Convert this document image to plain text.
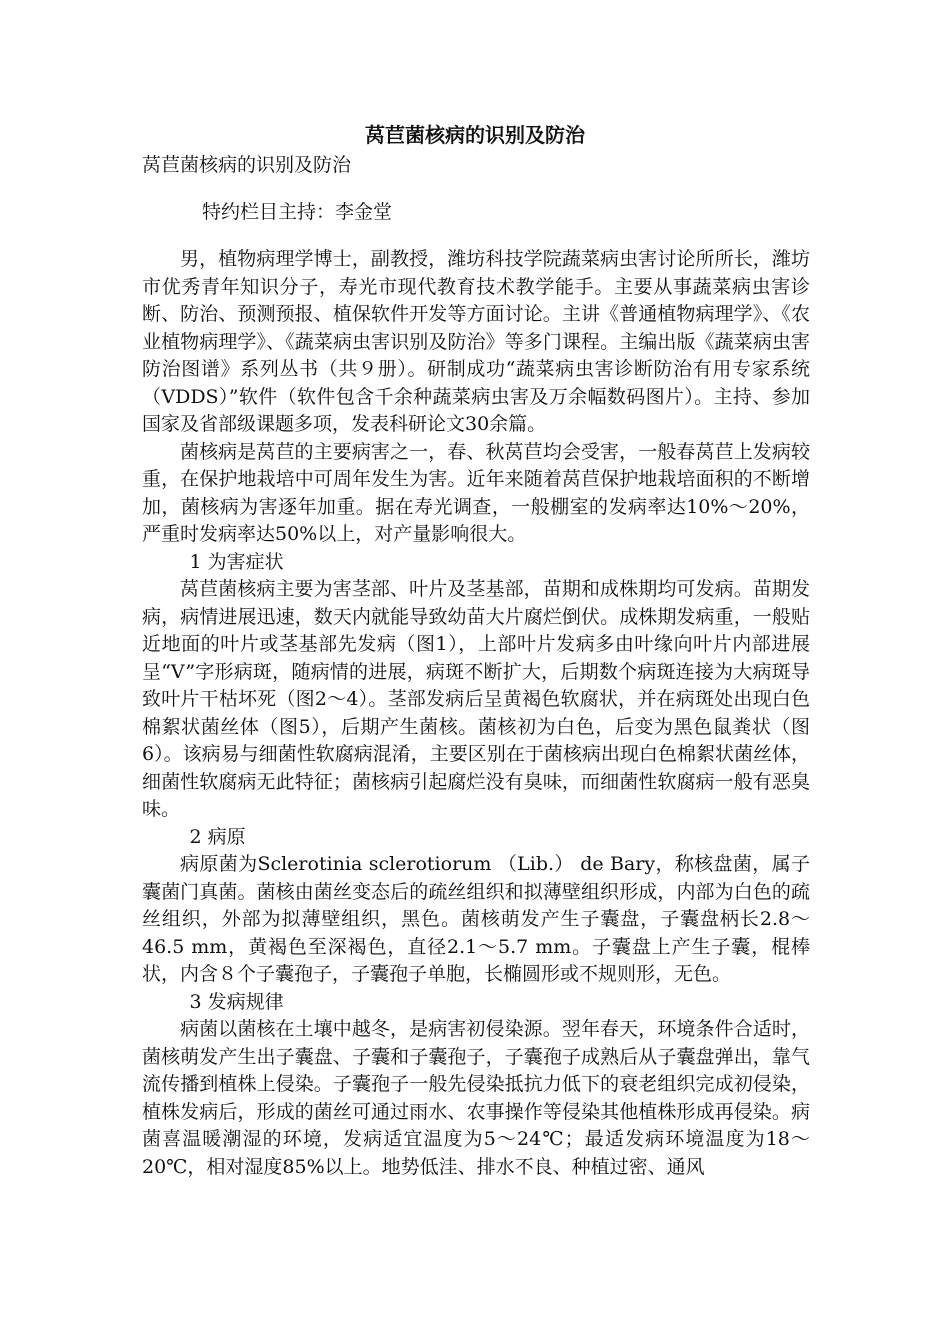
莴苣菌核病的识别及防治
莴苣菌核病的识别及防治
特约栏目主持：李金堂

男，植物病理学博士，副教授，潍坊科技学院蔬菜病虫害讨论所所长，潍坊市优秀青年知识分子，寿光市现代教育技术教学能手。主要从事蔬菜病虫害诊断、防治、预测预报、植保软件开发等方面讨论。主讲《普通植物病理学》、《农业植物病理学》、《蔬菜病虫害识别及防治》等多门课程。主编出版《蔬菜病虫害防治图谱》系列丛书（共９册）。研制成功“蔬菜病虫害诊断防治有用专家系统（VDDS）”软件（软件包含千余种蔬菜病虫害及万余幅数码图片）。主持、参加国家及省部级课题多项，发表科研论文30余篇。

菌核病是莴苣的主要病害之一，春、秋莴苣均会受害，一般春莴苣上发病较重，在保护地栽培中可周年发生为害。近年来随着莴苣保护地栽培面积的不断增加，菌核病为害逐年加重。据在寿光调查，一般棚室的发病率达10%～20%，严重时发病率达50%以上，对产量影响很大。

1 为害症状

莴苣菌核病主要为害茎部、叶片及茎基部，苗期和成株期均可发病。苗期发病，病情进展迅速，数天内就能导致幼苗大片腐烂倒伏。成株期发病重，一般贴近地面的叶片或茎基部先发病（图1），上部叶片发病多由叶缘向叶片内部进展呈“V”字形病斑，随病情的进展，病斑不断扩大，后期数个病斑连接为大病斑导致叶片干枯坏死（图2～4）。茎部发病后呈黄褐色软腐状，并在病斑处出现白色棉絮状菌丝体（图5），后期产生菌核。菌核初为白色，后变为黑色鼠粪状（图6）。该病易与细菌性软腐病混淆，主要区别在于菌核病出现白色棉絮状菌丝体，细菌性软腐病无此特征；菌核病引起腐烂没有臭味，而细菌性软腐病一般有恶臭味。

2 病原

病原菌为Sclerotinia sclerotiorum （Lib.） de Bary，称核盘菌，属子囊菌门真菌。菌核由菌丝变态后的疏丝组织和拟薄壁组织形成，内部为白色的疏丝组织，外部为拟薄壁组织，黑色。菌核萌发产生子囊盘，子囊盘柄长2.8～46.5 mm，黄褐色至深褐色，直径2.1～5.7 mm。子囊盘上产生子囊，棍棒状，内含８个子囊孢子，子囊孢子单胞，长椭圆形或不规则形，无色。

3 发病规律

病菌以菌核在土壤中越冬，是病害初侵染源。翌年春天，环境条件合适时，菌核萌发产生出子囊盘、子囊和子囊孢子，子囊孢子成熟后从子囊盘弹出，靠气流传播到植株上侵染。子囊孢子一般先侵染抵抗力低下的衰老组织完成初侵染，植株发病后，形成的菌丝可通过雨水、农事操作等侵染其他植株形成再侵染。病菌喜温暖潮湿的环境，发病适宜温度为5～24℃；最适发病环境温度为18～20℃，相对湿度85%以上。地势低洼、排水不良、种植过密、通风
